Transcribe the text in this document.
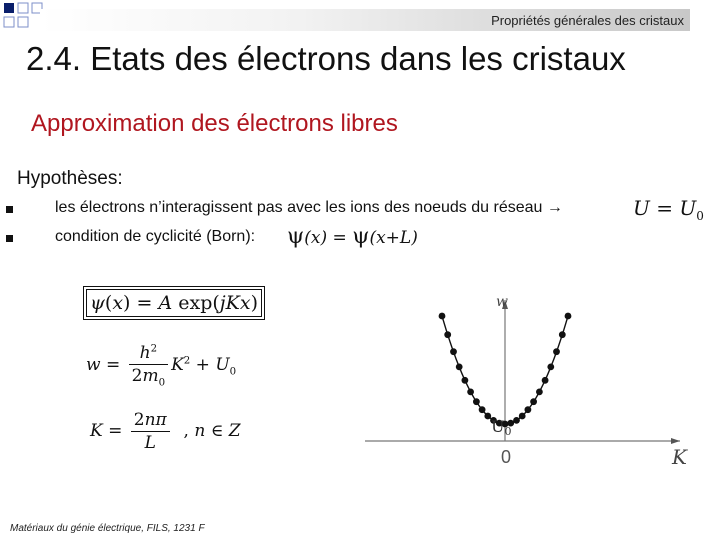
Propriétés générales des cristaux
2.4. Etats des électrons dans les cristaux
Approximation des électrons libres
Hypothèses:
les électrons n’interagissent pas avec les ions des noeuds du réseau →	$U = U_0$
condition de cyclicité (Born): ψ(x) = ψ(x+L)
ψ(x) = A exp(jKx)
$w = \frac{h^2}{2m_0} K^2 + U_0$
$K = \frac{2n\pi}{L}$ , n ∈ Z
w
K
0
U0
Matériaux du génie électrique, FILS, 1231 F
